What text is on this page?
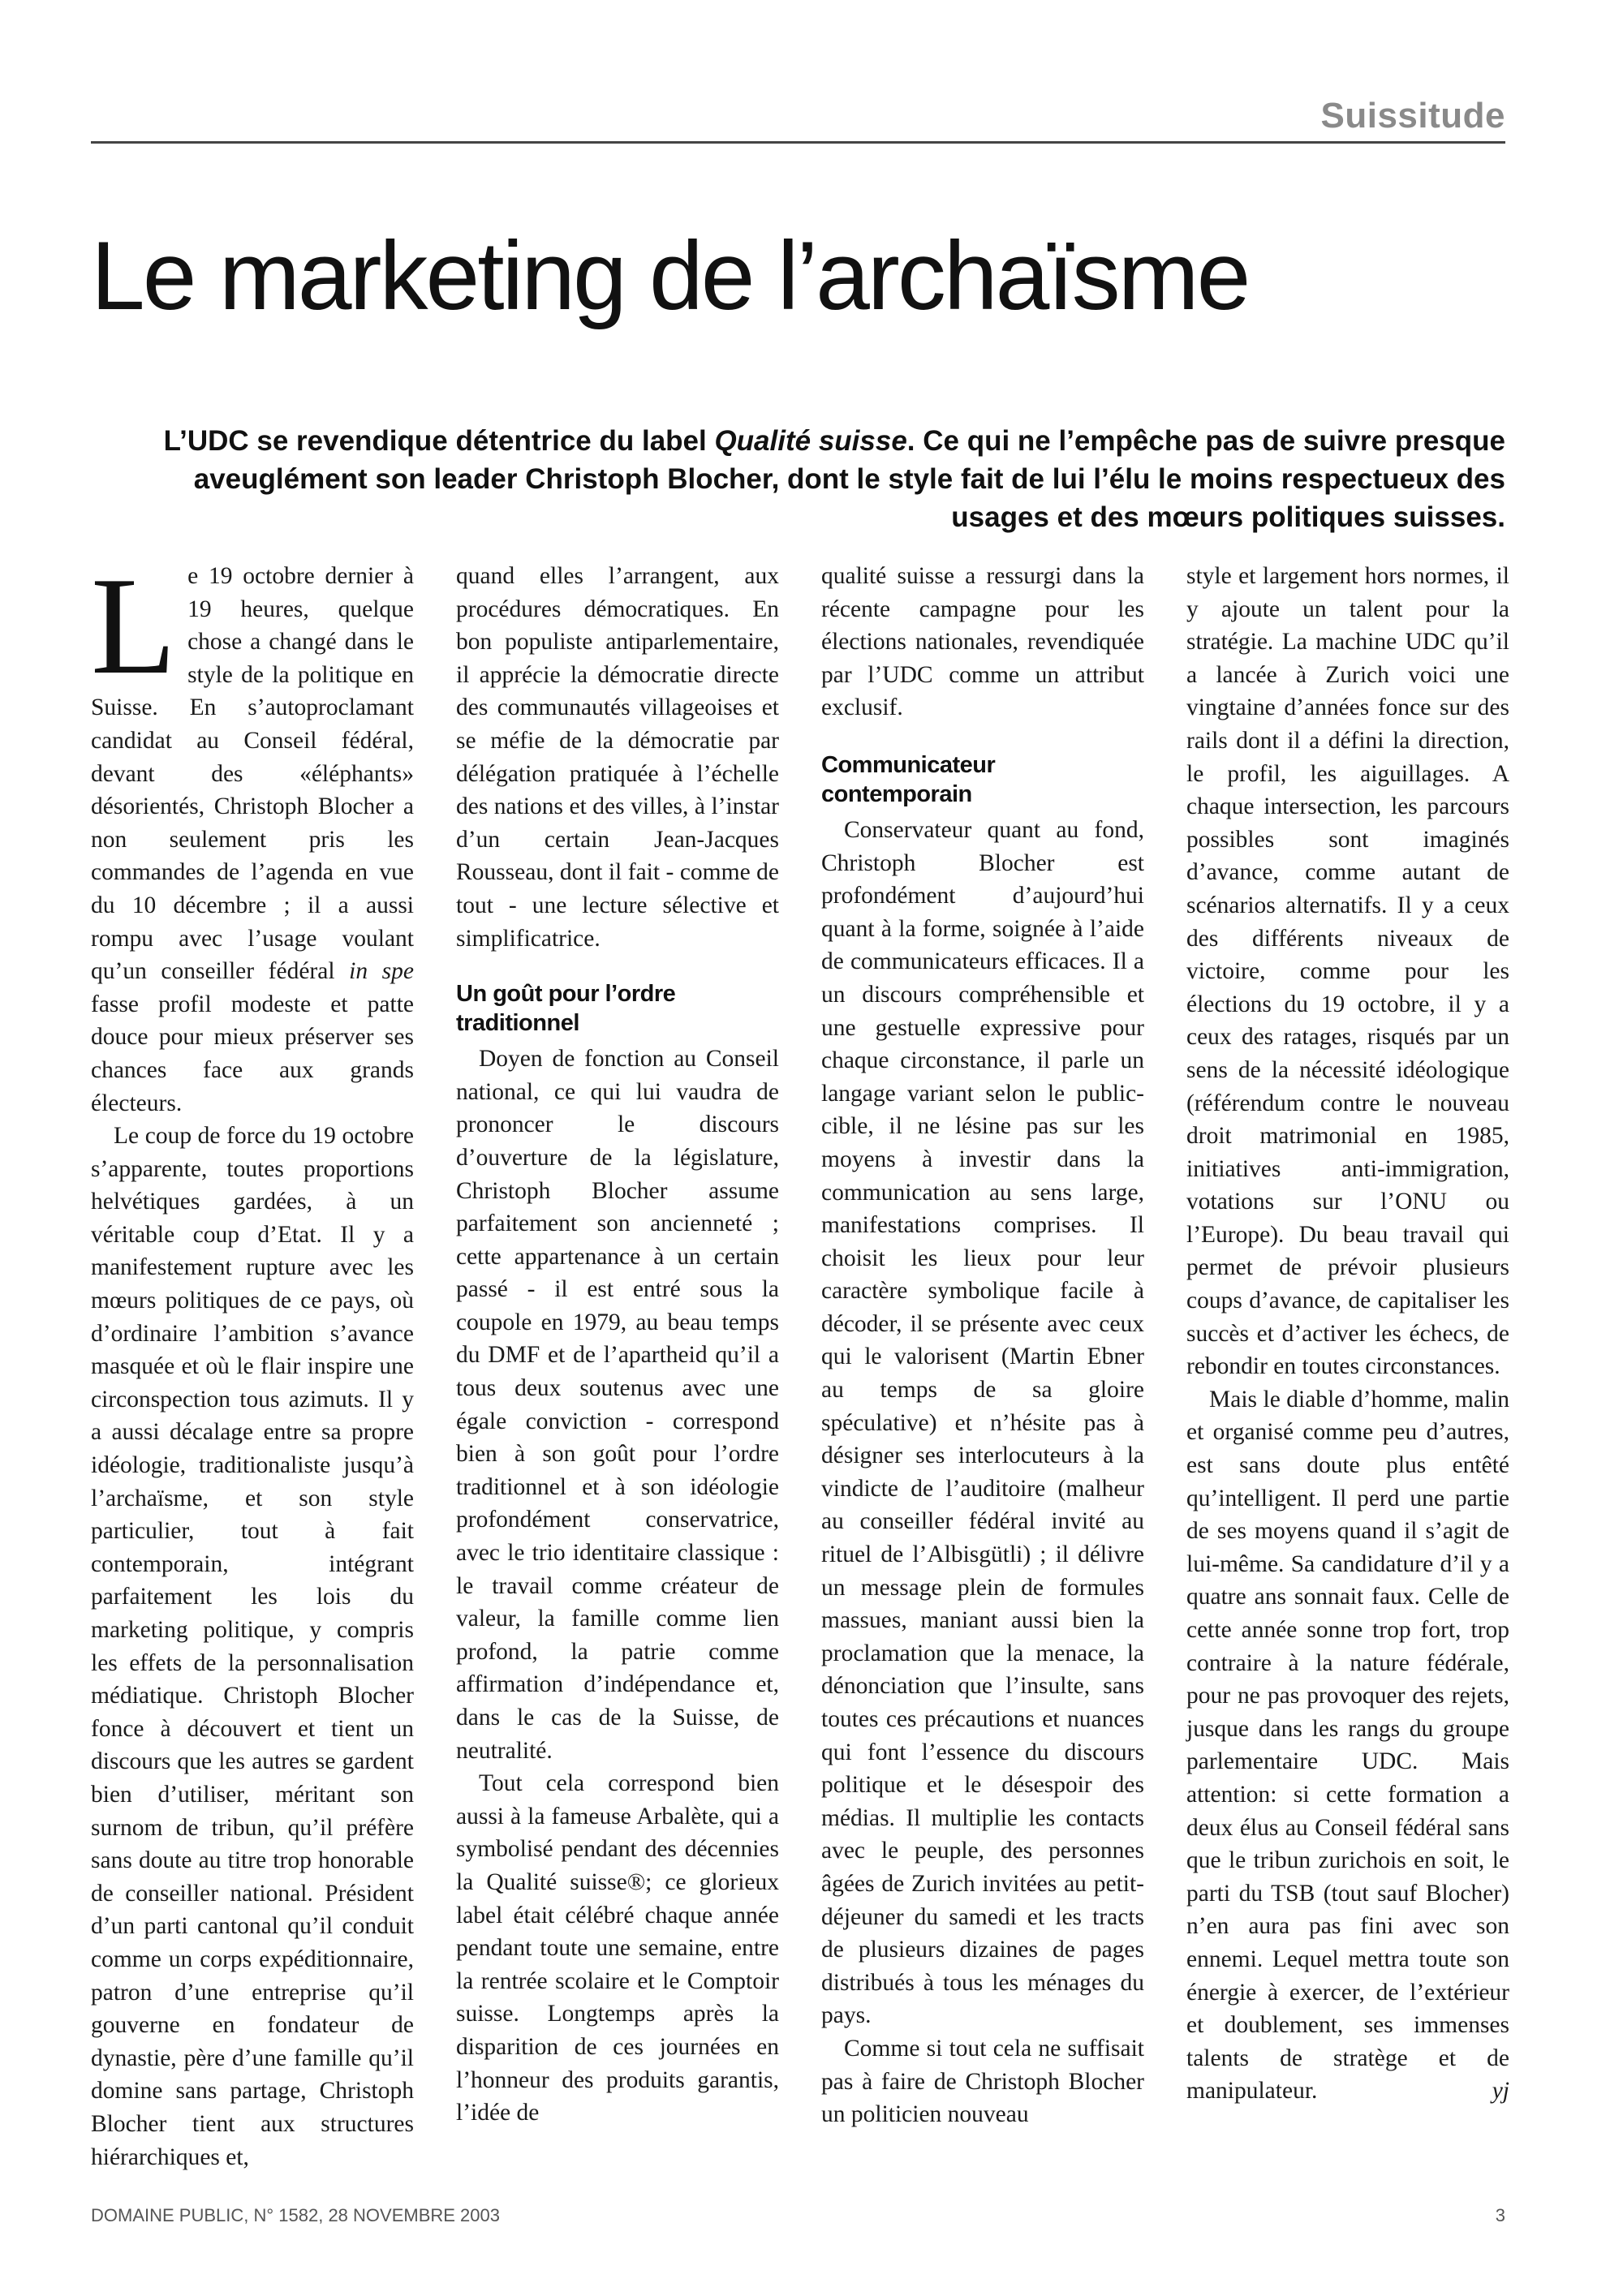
Suissitude
Le marketing de l’archaïsme
L’UDC se revendique détentrice du label Qualité suisse. Ce qui ne l’empêche pas de suivre presque aveuglément son leader Christoph Blocher, dont le style fait de lui l’élu le moins respectueux des usages et des mœurs politiques suisses.

Le 19 octobre dernier à 19 heures, quelque chose a changé dans le style de la politique en Suisse. En s’autoproclamant candidat au Conseil fédéral, devant des «éléphants» désorientés, Christoph Blocher a non seulement pris les commandes de l’agenda en vue du 10 décembre ; il a aussi rompu avec l’usage voulant qu’un conseiller fédéral in spe fasse profil modeste et patte douce pour mieux préserver ses chances face aux grands électeurs.

Le coup de force du 19 octobre s’apparente, toutes proportions helvétiques gardées, à un véritable coup d’Etat. Il y a manifestement rupture avec les mœurs politiques de ce pays, où d’ordinaire l’ambition s’avance masquée et où le flair inspire une circonspection tous azimuts. Il y a aussi décalage entre sa propre idéologie, traditionaliste jusqu’à l’archaïsme, et son style particulier, tout à fait contemporain, intégrant parfaitement les lois du marketing politique, y compris les effets de la personnalisation médiatique. Christoph Blocher fonce à découvert et tient un discours que les autres se gardent bien d’utiliser, méritant son surnom de tribun, qu’il préfère sans doute au titre trop honorable de conseiller national. Président d’un parti cantonal qu’il conduit comme un corps expéditionnaire, patron d’une entreprise qu’il gouverne en fondateur de dynastie, père d’une famille qu’il domine sans partage, Christoph Blocher tient aux structures hiérarchiques et,

quand elles l’arrangent, aux procédures démocratiques. En bon populiste antiparlementaire, il apprécie la démocratie directe des communautés villageoises et se méfie de la démocratie par délégation pratiquée à l’échelle des nations et des villes, à l’instar d’un certain Jean-Jacques Rousseau, dont il fait - comme de tout - une lecture sélective et simplificatrice.

Un goût pour l’ordre traditionnel

Doyen de fonction au Conseil national, ce qui lui vaudra de prononcer le discours d’ouverture de la législature, Christoph Blocher assume parfaitement son ancienneté ; cette appartenance à un certain passé - il est entré sous la coupole en 1979, au beau temps du DMF et de l’apartheid qu’il a tous deux soutenus avec une égale conviction - correspond bien à son goût pour l’ordre traditionnel et à son idéologie profondément conservatrice, avec le trio identitaire classique : le travail comme créateur de valeur, la famille comme lien profond, la patrie comme affirmation d’indépendance et, dans le cas de la Suisse, de neutralité.

Tout cela correspond bien aussi à la fameuse Arbalète, qui a symbolisé pendant des décennies la Qualité suisse®; ce glorieux label était célébré chaque année pendant toute une semaine, entre la rentrée scolaire et le Comptoir suisse. Longtemps après la disparition de ces journées en l’honneur des produits garantis, l’idée de

qualité suisse a ressurgi dans la récente campagne pour les élections nationales, revendiquée par l’UDC comme un attribut exclusif.

Communicateur contemporain

Conservateur quant au fond, Christoph Blocher est profondément d’aujourd’hui quant à la forme, soignée à l’aide de communicateurs efficaces. Il a un discours compréhensible et une gestuelle expressive pour chaque circonstance, il parle un langage variant selon le public-cible, il ne lésine pas sur les moyens à investir dans la communication au sens large, manifestations comprises. Il choisit les lieux pour leur caractère symbolique facile à décoder, il se présente avec ceux qui le valorisent (Martin Ebner au temps de sa gloire spéculative) et n’hésite pas à désigner ses interlocuteurs à la vindicte de l’auditoire (malheur au conseiller fédéral invité au rituel de l’Albisgütli) ; il délivre un message plein de formules massues, maniant aussi bien la proclamation que la menace, la dénonciation que l’insulte, sans toutes ces précautions et nuances qui font l’essence du discours politique et le désespoir des médias. Il multiplie les contacts avec le peuple, des personnes âgées de Zurich invitées au petit-déjeuner du samedi et les tracts de plusieurs dizaines de pages distribués à tous les ménages du pays.

Comme si tout cela ne suffisait pas à faire de Christoph Blocher un politicien nouveau

style et largement hors normes, il y ajoute un talent pour la stratégie. La machine UDC qu’il a lancée à Zurich voici une vingtaine d’années fonce sur des rails dont il a défini la direction, le profil, les aiguillages. A chaque intersection, les parcours possibles sont imaginés d’avance, comme autant de scénarios alternatifs. Il y a ceux des différents niveaux de victoire, comme pour les élections du 19 octobre, il y a ceux des ratages, risqués par un sens de la nécessité idéologique (référendum contre le nouveau droit matrimonial en 1985, initiatives anti-immigration, votations sur l’ONU ou l’Europe). Du beau travail qui permet de prévoir plusieurs coups d’avance, de capitaliser les succès et d’activer les échecs, de rebondir en toutes circonstances.

Mais le diable d’homme, malin et organisé comme peu d’autres, est sans doute plus entêté qu’intelligent. Il perd une partie de ses moyens quand il s’agit de lui-même. Sa candidature d’il y a quatre ans sonnait faux. Celle de cette année sonne trop fort, trop contraire à la nature fédérale, pour ne pas provoquer des rejets, jusque dans les rangs du groupe parlementaire UDC. Mais attention: si cette formation a deux élus au Conseil fédéral sans que le tribun zurichois en soit, le parti du TSB (tout sauf Blocher) n’en aura pas fini avec son ennemi. Lequel mettra toute son énergie à exercer, de l’extérieur et doublement, ses immenses talents de stratège et de manipulateur.	yj

DOMAINE PUBLIC, N° 1582, 28 NOVEMBRE 2003	3
